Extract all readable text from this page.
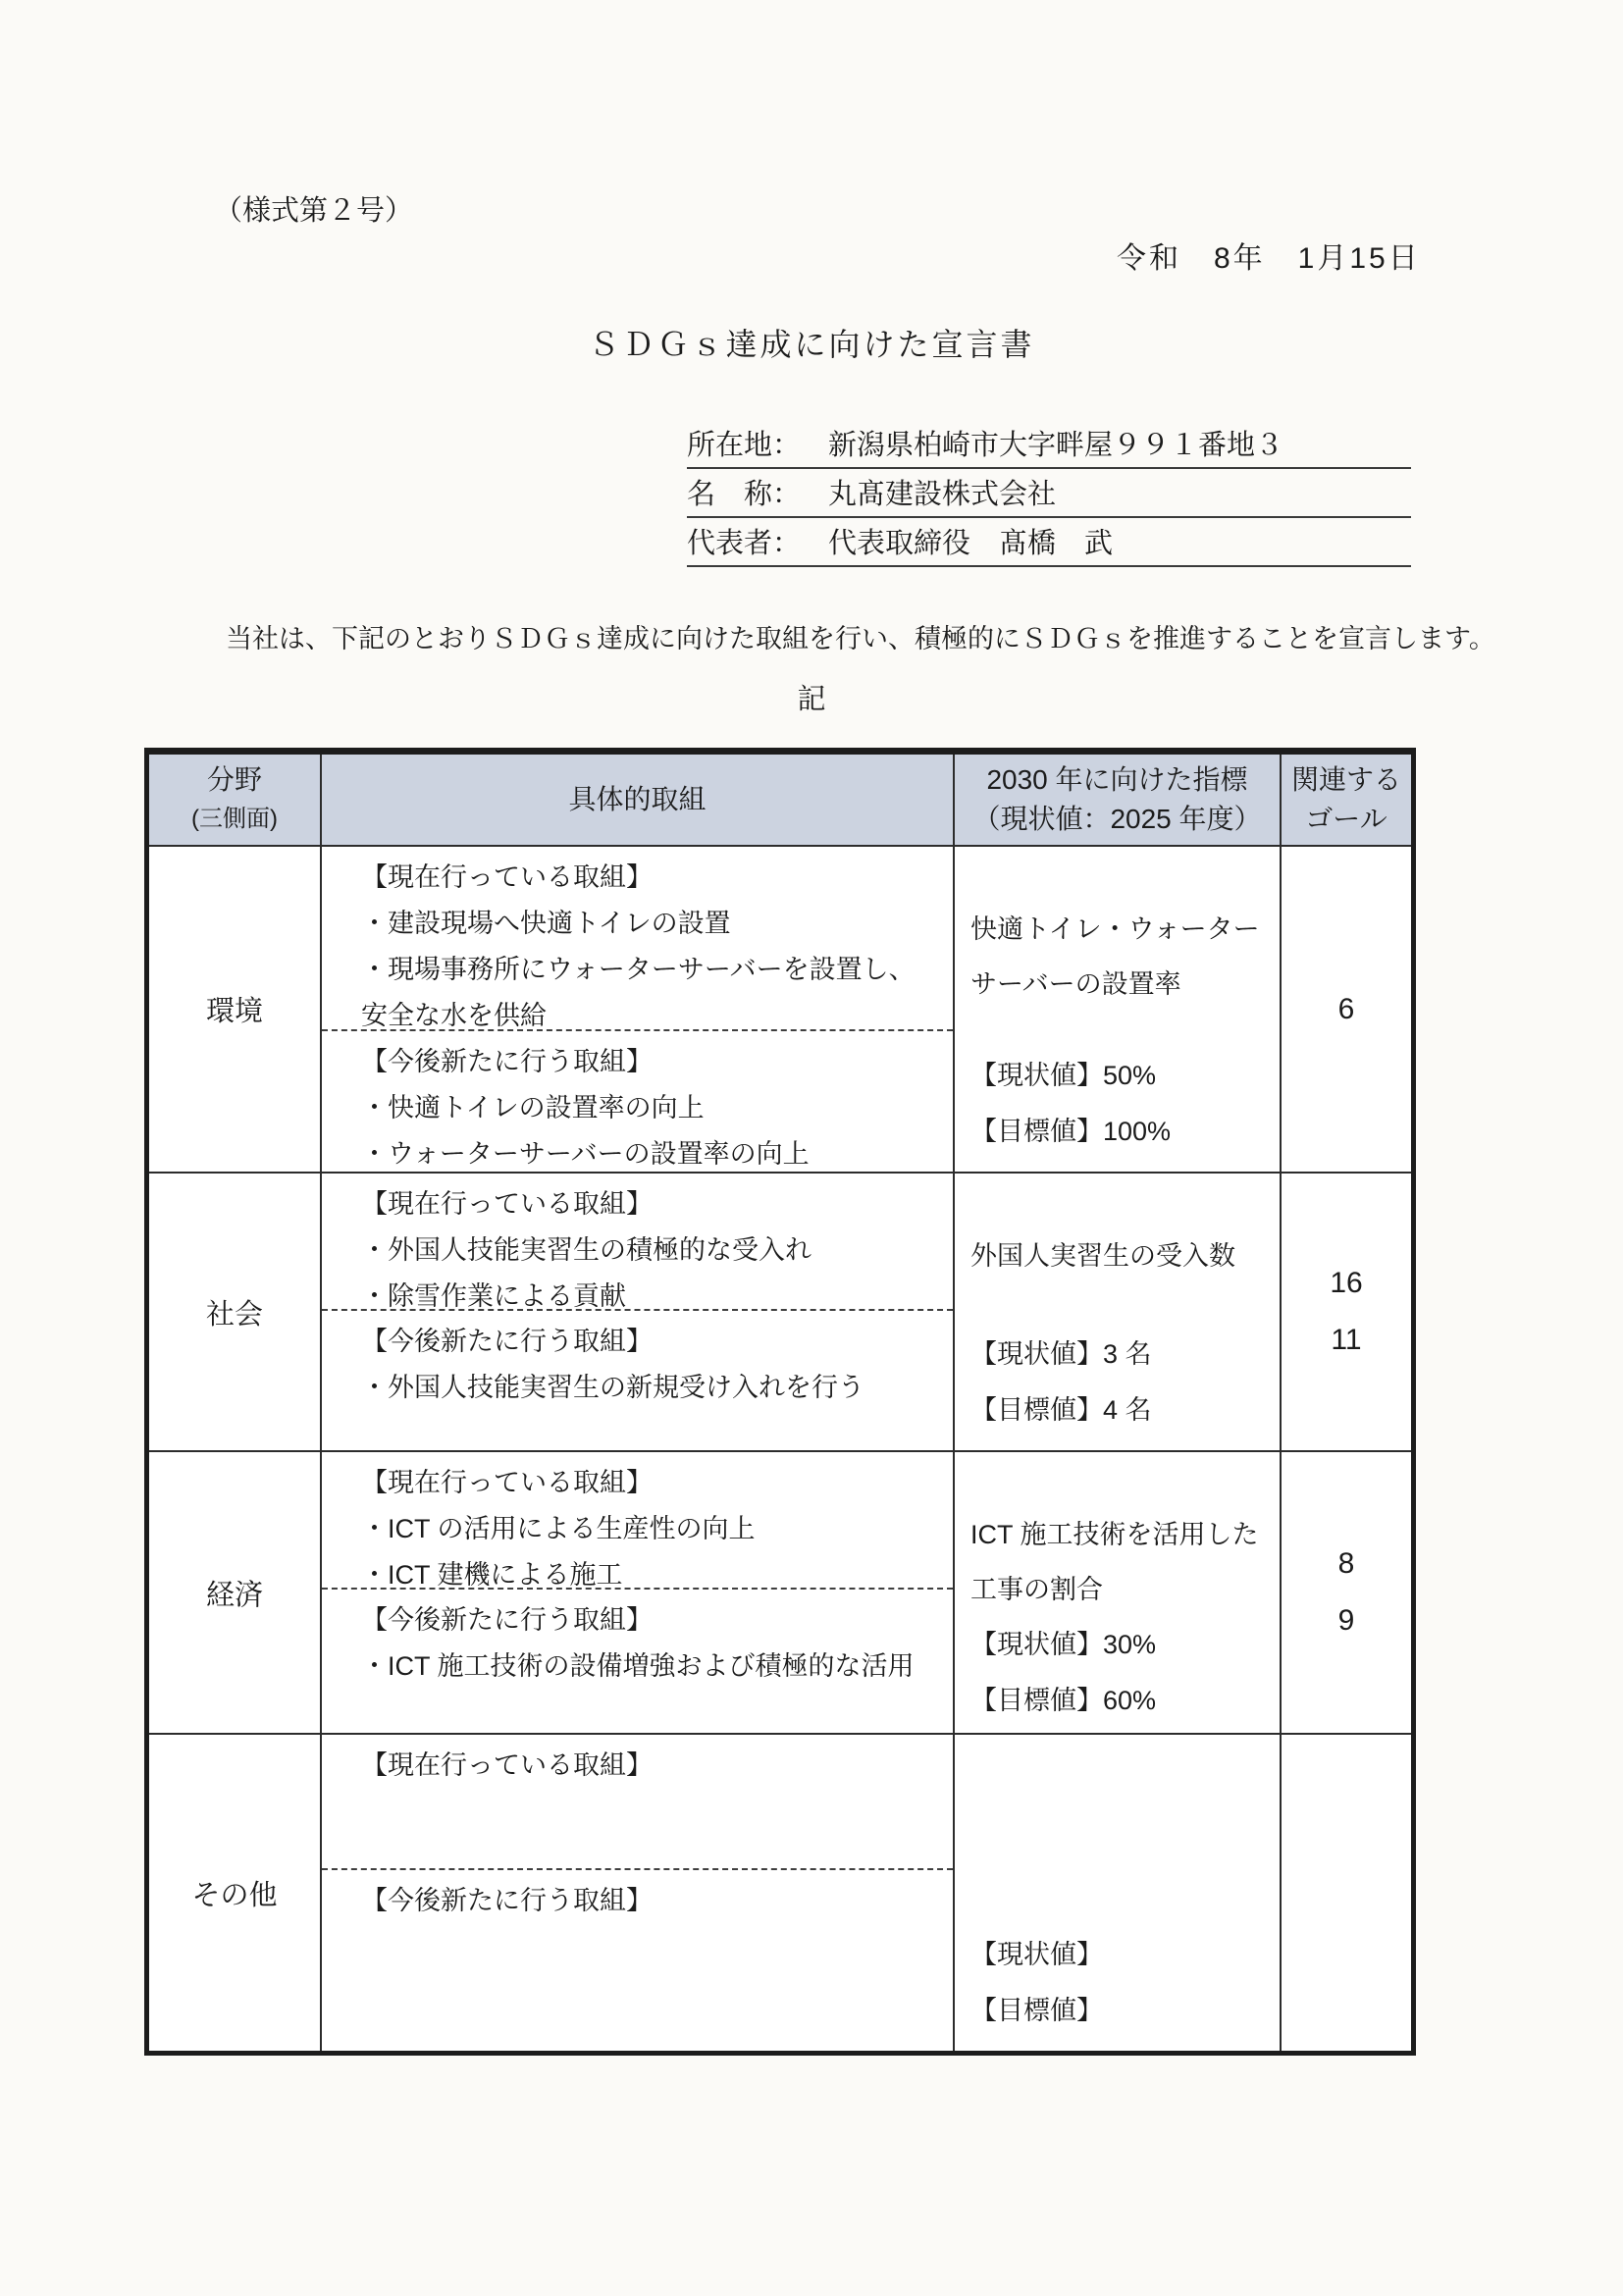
（様式第２号）
令和　8年　1月15日
ＳＤＧｓ達成に向けた宣言書
所在地： 新潟県柏崎市大字畔屋９９１番地３
名　称： 丸髙建設株式会社
代表者： 代表取締役　髙橋　武
当社は、下記のとおりＳＤＧｓ達成に向けた取組を行い、積極的にＳＤＧｓを推進することを宣言します。
記
分野
(三側面)
具体的取組
2030 年に向けた指標
（現状値：2025 年度）
関連する
ゴール
環境
【現在行っている取組】
・建設現場へ快適トイレの設置
・現場事務所にウォーターサーバーを設置し、安全な水を供給
【今後新たに行う取組】
・快適トイレの設置率の向上
・ウォーターサーバーの設置率の向上
快適トイレ・ウォーターサーバーの設置率
【現状値】50%
【目標値】100%
6
社会
【現在行っている取組】
・外国人技能実習生の積極的な受入れ
・除雪作業による貢献
【今後新たに行う取組】
・外国人技能実習生の新規受け入れを行う
外国人実習生の受入数
【現状値】3 名
【目標値】4 名
16
11
経済
【現在行っている取組】
・ICT の活用による生産性の向上
・ICT 建機による施工
【今後新たに行う取組】
・ICT 施工技術の設備増強および積極的な活用
ICT 施工技術を活用した工事の割合
【現状値】30%
【目標値】60%
8
9
その他
【現在行っている取組】
【今後新たに行う取組】
【現状値】
【目標値】
